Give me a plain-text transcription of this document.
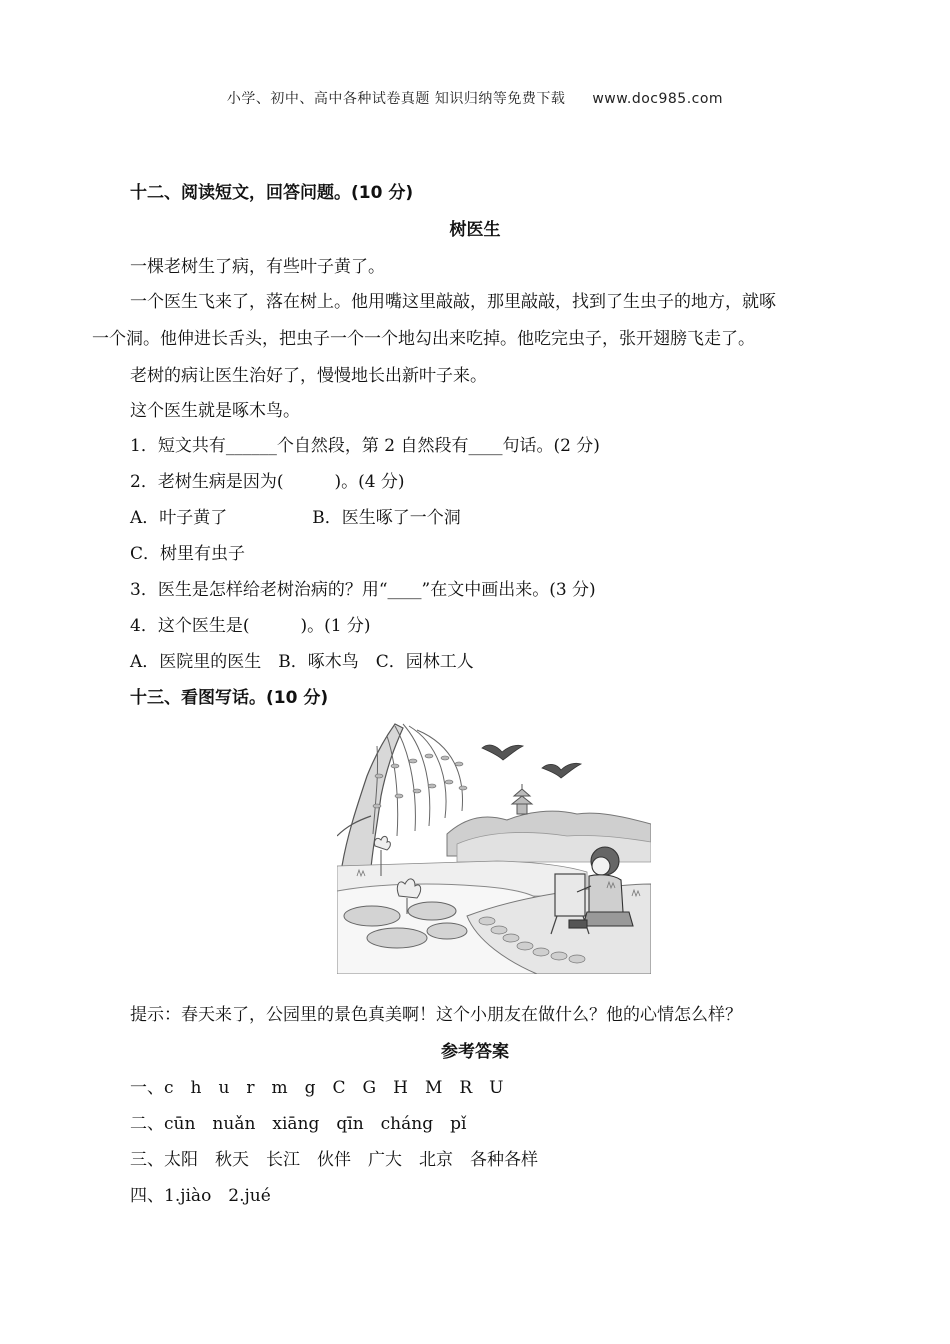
小学、初中、高中各种试卷真题 知识归纳等免费下载 www.doc985.com
十二、阅读短文，回答问题。(10 分)
树医生
一棵老树生了病，有些叶子黄了。
一个医生飞来了，落在树上。他用嘴这里敲敲，那里敲敲，找到了生虫子的地方，就啄
一个洞。他伸进长舌头，把虫子一个一个地勾出来吃掉。他吃完虫子，张开翅膀飞走了。
老树的病让医生治好了，慢慢地长出新叶子来。
这个医生就是啄木鸟。
1．短文共有______个自然段，第 2 自然段有____句话。(2 分)
2．老树生病是因为(　　　)。(4 分)
A．叶子黄了　　　　　B．医生啄了一个洞
C．树里有虫子
3．医生是怎样给老树治病的？用“____”在文中画出来。(3 分)
4．这个医生是(　　　)。(1 分)
A．医院里的医生　B．啄木鸟　C．园林工人
十三、看图写话。(10 分)
提示：春天来了，公园里的景色真美啊！这个小朋友在做什么？他的心情怎么样？
参考答案
一、c　h　u　r　m　g　C　G　H　M　R　U
二、cūn　nuǎn　xiāng　qīn　cháng　pǐ
三、太阳　秋天　长江　伙伴　广大　北京　各种各样
四、1.jiào　2.jué
